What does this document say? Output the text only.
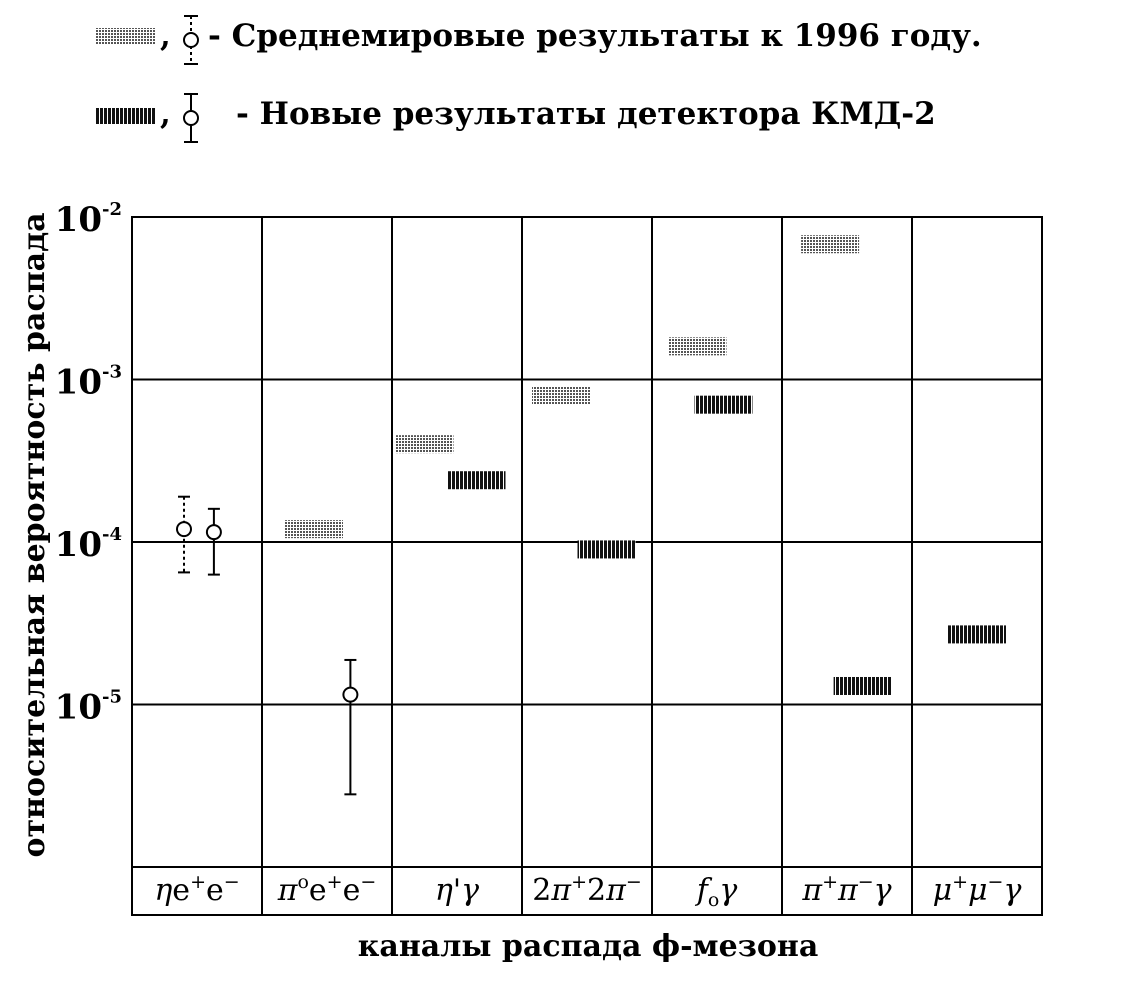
, - Среднемировые результаты к 1996 году.
, - Новые результаты детектора КМД-2
$10^{-2}$
$10^{-3}$
$10^{-4}$
$10^{-5}$
ηe+e− $\pi^oe^+e^-$ η'γ 2π+2π− $f_o\gamma$ π+π−γ μ+μ−γ
относительная вероятность распада
каналы распада ϕ-мезона
